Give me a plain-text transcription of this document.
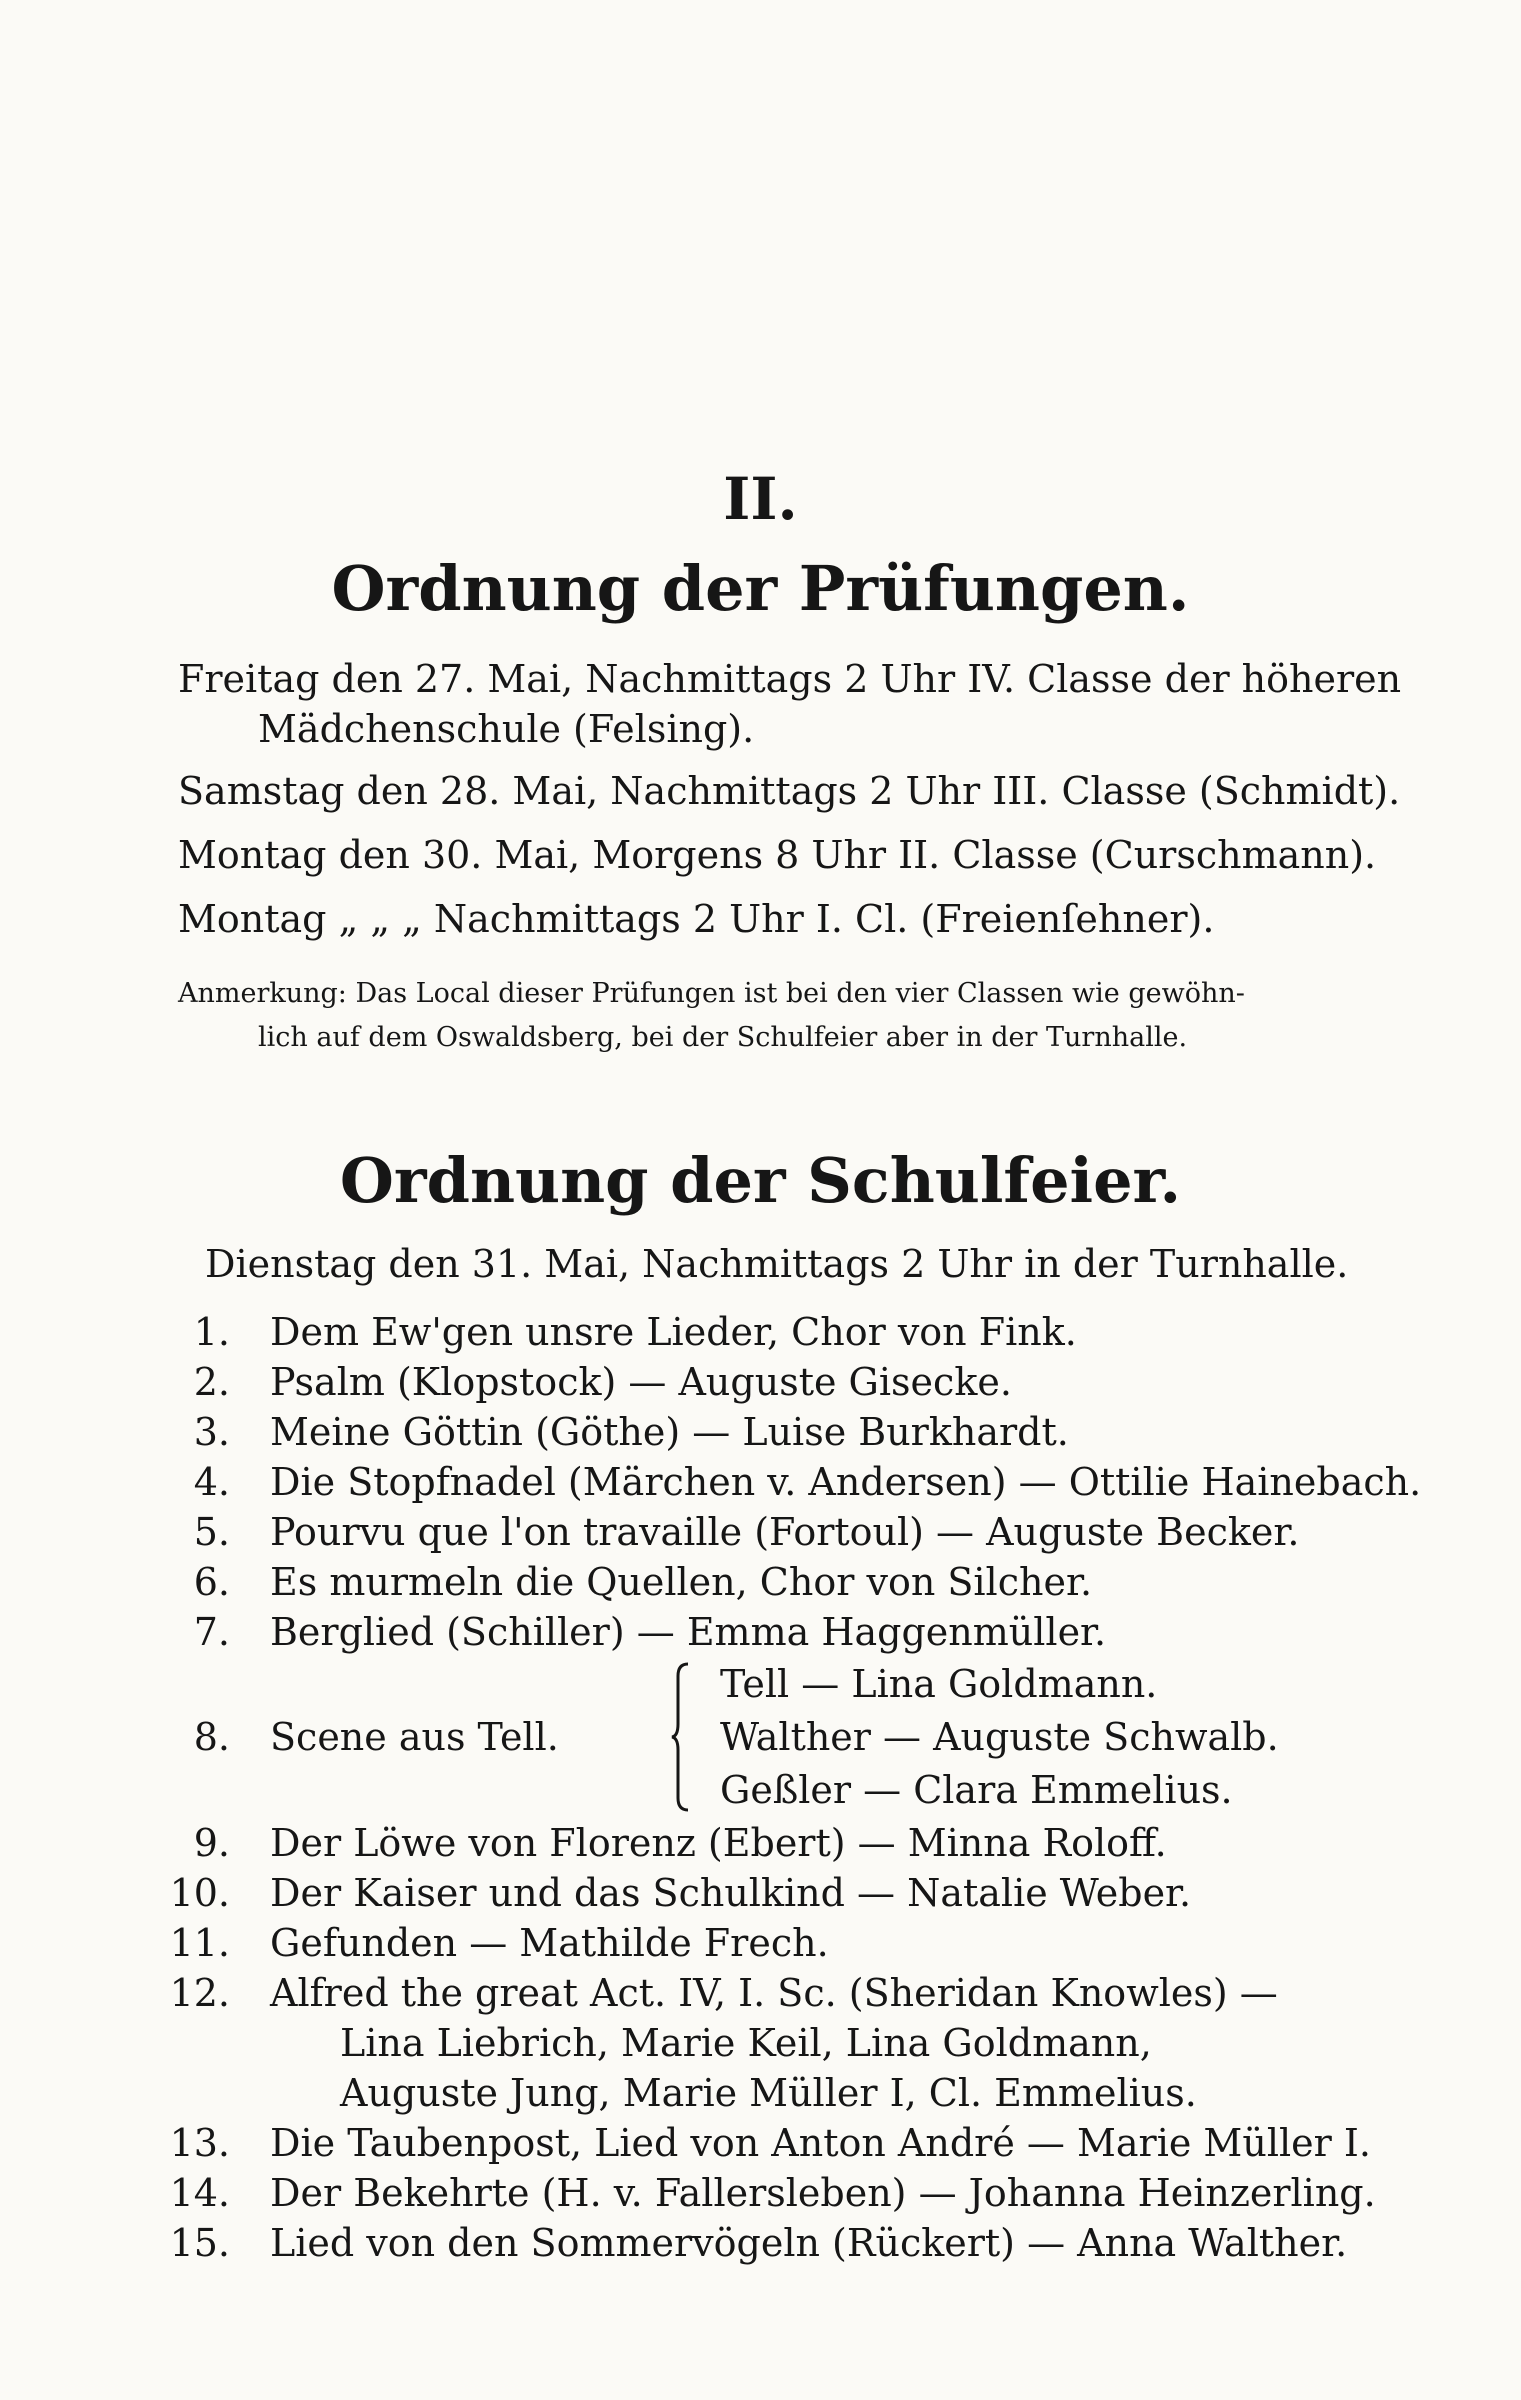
II.
Ordnung der Prüfungen.
Freitag den 27. Mai, Nachmittags 2 Uhr IV. Classe der höheren
Mädchenschule (Felsing).
Samstag den 28. Mai, Nachmittags 2 Uhr III. Classe (Schmidt).
Montag den 30. Mai, Morgens 8 Uhr II. Classe (Curschmann).
Montag „ „ „ Nachmittags 2 Uhr I. Cl. (Freienſehner).
Anmerkung: Das Local dieser Prüfungen ist bei den vier Classen wie gewöhn-
lich auf dem Oswaldsberg, bei der Schulfeier aber in der Turnhalle.
Ordnung der Schulfeier.
Dienstag den 31. Mai, Nachmittags 2 Uhr in der Turnhalle.
1. Dem Ew'gen unsre Lieder, Chor von Fink.
2. Psalm (Klopstock) — Auguste Gisecke.
3. Meine Göttin (Göthe) — Luise Burkhardt.
4. Die Stopfnadel (Märchen v. Andersen) — Ottilie Hainebach.
5. Pourvu que l'on travaille (Fortoul) — Auguste Becker.
6. Es murmeln die Quellen, Chor von Silcher.
7. Berglied (Schiller) — Emma Haggenmüller.
8. Scene aus Tell.
Tell — Lina Goldmann.
Walther — Auguste Schwalb.
Geßler — Clara Emmelius.
9. Der Löwe von Florenz (Ebert) — Minna Roloff.
10. Der Kaiser und das Schulkind — Natalie Weber.
11. Gefunden — Mathilde Frech.
12. Alfred the great Act. IV, I. Sc. (Sheridan Knowles) —
Lina Liebrich, Marie Keil, Lina Goldmann,
Auguste Jung, Marie Müller I, Cl. Emmelius.
13. Die Taubenpost, Lied von Anton André — Marie Müller I.
14. Der Bekehrte (H. v. Fallersleben) — Johanna Heinzerling.
15. Lied von den Sommervögeln (Rückert) — Anna Walther.
